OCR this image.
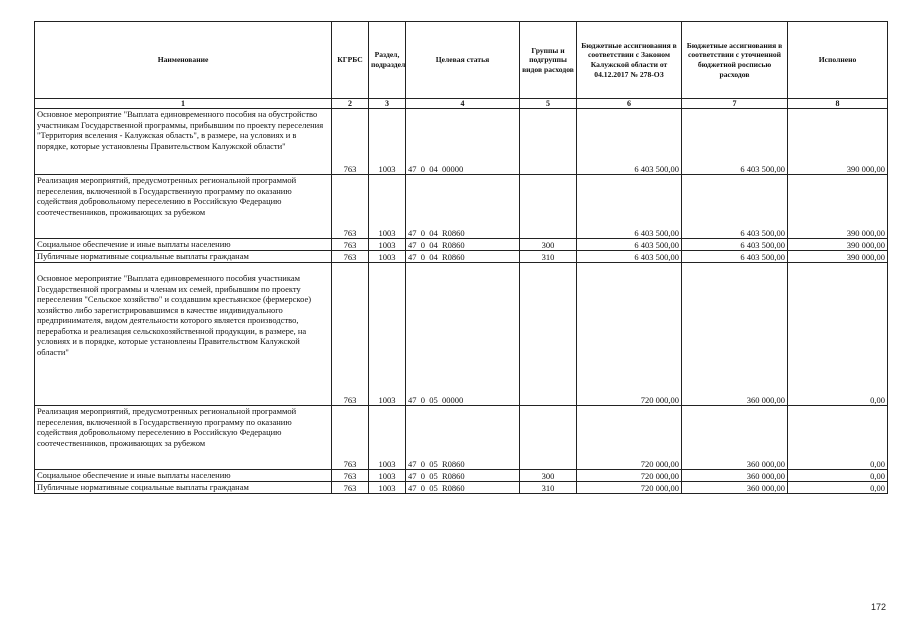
Наименование	КГРБС	Раздел, подраздел	Целевая статья	Группы и подгруппы видов расходов	Бюджетные ассигнования в соответствии с Законом Калужской области от 04.12.2017 № 278-ОЗ	Бюджетные ассигнования в соответствии с уточненной бюджетной росписью расходов	Исполнено
1	2	3	4	5	6	7	8
Основное мероприятие "Выплата единовременного пособия на обустройство участникам Государственной программы, прибывшим по проекту переселения "Территория вселения - Калужская область", в размере, на условиях и в порядке, которые установлены Правительством Калужской области"	763	1003	47  0  04  00000		6 403 500,00	6 403 500,00	390 000,00
Реализация мероприятий, предусмотренных региональной программой переселения, включенной в Государственную программу по оказанию содействия добровольному переселению в Российскую Федерацию соотечественников, проживающих за рубежом	763	1003	47  0  04  R0860		6 403 500,00	6 403 500,00	390 000,00
Социальное обеспечение и иные выплаты населению	763	1003	47  0  04  R0860	300	6 403 500,00	6 403 500,00	390 000,00
Публичные нормативные социальные выплаты гражданам	763	1003	47  0  04  R0860	310	6 403 500,00	6 403 500,00	390 000,00
Основное мероприятие "Выплата единовременного пособия участникам Государственной программы и членам их семей, прибывшим по проекту переселения "Сельское хозяйство" и создавшим крестьянское (фермерское) хозяйство либо зарегистрировавшимся в качестве индивидуального предпринимателя, видом деятельности которого является производство, переработка и реализация сельскохозяйственной продукции, в размере, на условиях и в порядке, которые установлены Правительством Калужской области"	763	1003	47  0  05  00000		720 000,00	360 000,00	0,00
Реализация мероприятий, предусмотренных региональной программой переселения, включенной в Государственную программу по оказанию содействия добровольному переселению в Российскую Федерацию соотечественников, проживающих за рубежом	763	1003	47  0  05  R0860		720 000,00	360 000,00	0,00
Социальное обеспечение и иные выплаты населению	763	1003	47  0  05  R0860	300	720 000,00	360 000,00	0,00
Публичные нормативные социальные выплаты гражданам	763	1003	47  0  05  R0860	310	720 000,00	360 000,00	0,00
172
